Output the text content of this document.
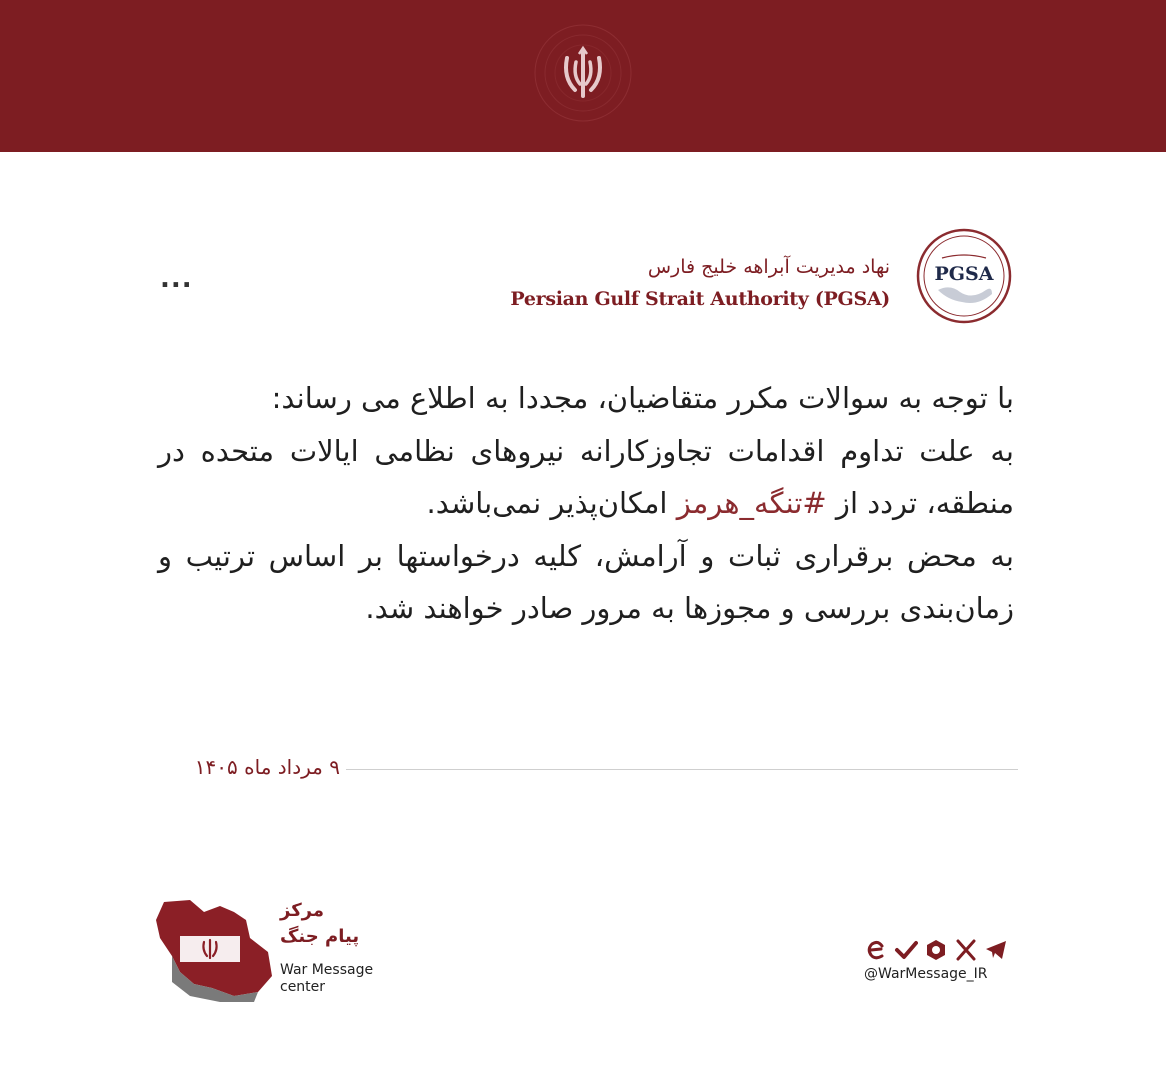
PGSA
نهاد مدیریت آبراهه خلیج فارس
Persian Gulf Strait Authority (PGSA)
...

با توجه به سوالات مکرر متقاضیان، مجددا به اطلاع می رساند:

به علت تداوم اقدامات تجاوزکارانه نیروهای نظامی ایالات متحده در منطقه، تردد از #تنگه_هرمز امکان‌پذیر نمی‌باشد.

به محض برقراری ثبات و آرامش، کلیه درخواستها بر اساس ترتیب و زمان‌بندی بررسی و مجوزها به مرور صادر خواهند شد.

۹ مرداد ماه ۱۴۰۵
مرکز
پیام جنگ
War Message
center
@WarMessage_IR
